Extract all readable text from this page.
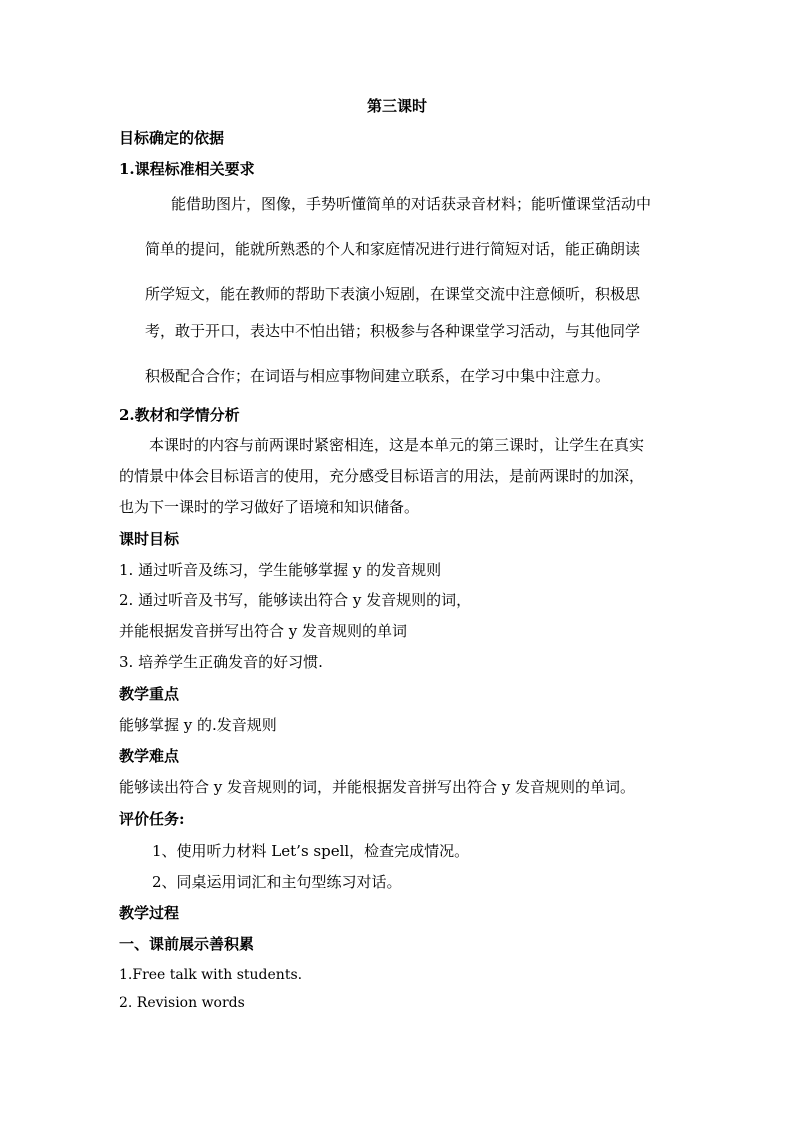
第三课时
目标确定的依据
1.课程标准相关要求
能借助图片，图像，手势听懂简单的对话获录音材料；能听懂课堂活动中
简单的提问，能就所熟悉的个人和家庭情况进行进行简短对话，能正确朗读
所学短文，能在教师的帮助下表演小短剧，在课堂交流中注意倾听，积极思
考，敢于开口，表达中不怕出错；积极参与各种课堂学习活动，与其他同学
积极配合合作；在词语与相应事物间建立联系，在学习中集中注意力。
2.教材和学情分析
本课时的内容与前两课时紧密相连，这是本单元的第三课时，让学生在真实
的情景中体会目标语言的使用，充分感受目标语言的用法，是前两课时的加深，
也为下一课时的学习做好了语境和知识储备。
课时目标
1. 通过听音及练习，学生能够掌握 y 的发音规则
2. 通过听音及书写，能够读出符合 y 发音规则的词，
并能根据发音拼写出符合 y 发音规则的单词
3. 培养学生正确发音的好习惯.
教学重点
能够掌握 y 的.发音规则
教学难点
能够读出符合 y 发音规则的词，并能根据发音拼写出符合 y 发音规则的单词。
评价任务:
1、使用听力材料 Let’s spell，检查完成情况。
2、同桌运用词汇和主句型练习对话。
教学过程
一、课前展示善积累
1.Free talk with students.
2. Revision words
